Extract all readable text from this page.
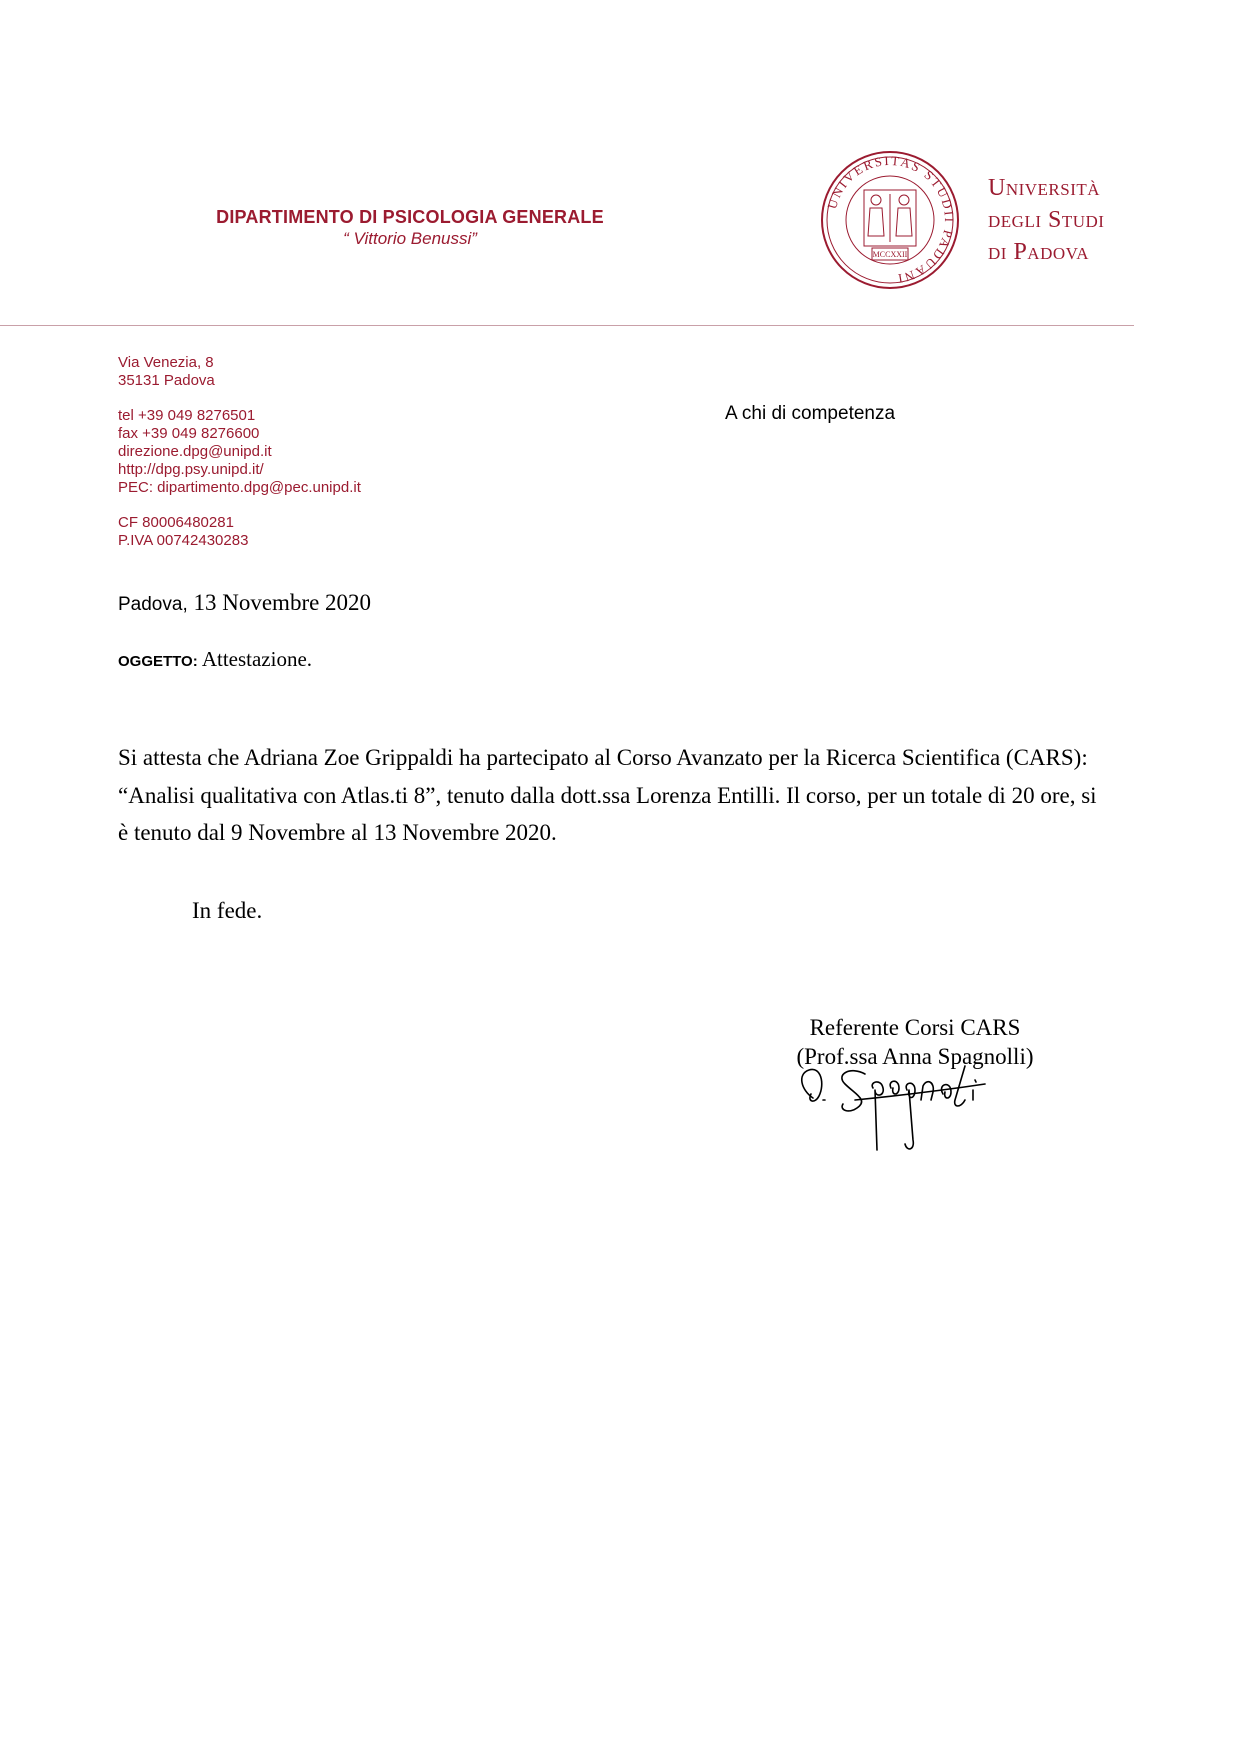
DIPARTIMENTO DI PSICOLOGIA GENERALE
“ Vittorio Benussi”
UNIVERSITAS STUDII PADUANI
MCCXXII
Università
degli Studi
di Padova
Via Venezia, 8
35131 Padova
tel +39 049 8276501
fax +39 049 8276600
direzione.dpg@unipd.it
http://dpg.psy.unipd.it/
PEC: dipartimento.dpg@pec.unipd.it
CF 80006480281
P.IVA 00742430283
A chi di competenza
Padova, 13 Novembre 2020
OGGETTO: Attestazione.

Si attesta che Adriana Zoe Grippaldi ha partecipato al Corso Avanzato per la Ricerca Scientifica (CARS): “Analisi qualitativa con Atlas.ti 8”, tenuto dalla dott.ssa Lorenza Entilli. Il corso, per un totale di 20 ore, si è tenuto dal 9 Novembre al 13 Novembre 2020.

In fede.
Referente Corsi CARS
(Prof.ssa Anna Spagnolli)
